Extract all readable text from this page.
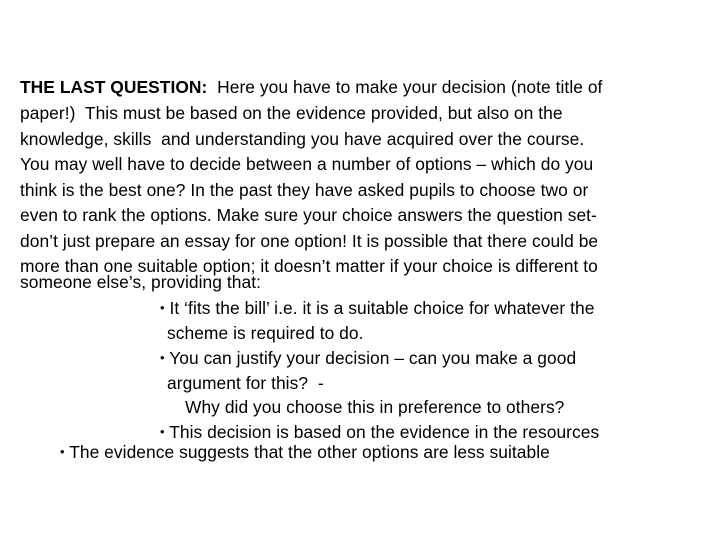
THE LAST QUESTION:  Here you have to make your decision (note title of
paper!)  This must be based on the evidence provided, but also on the
knowledge, skills  and understanding you have acquired over the course.
You may well have to decide between a number of options – which do you
think is the best one? In the past they have asked pupils to choose two or
even to rank the options. Make sure your choice answers the question set-
don’t just prepare an essay for one option! It is possible that there could be
more than one suitable option; it doesn’t matter if your choice is different to
someone else’s, providing that:
• It ‘fits the bill’ i.e. it is a suitable choice for whatever the
scheme is required to do.
• You can justify your decision – can you make a good
argument for this?  -
Why did you choose this in preference to others?
• This decision is based on the evidence in the resources
• The evidence suggests that the other options are less suitable
